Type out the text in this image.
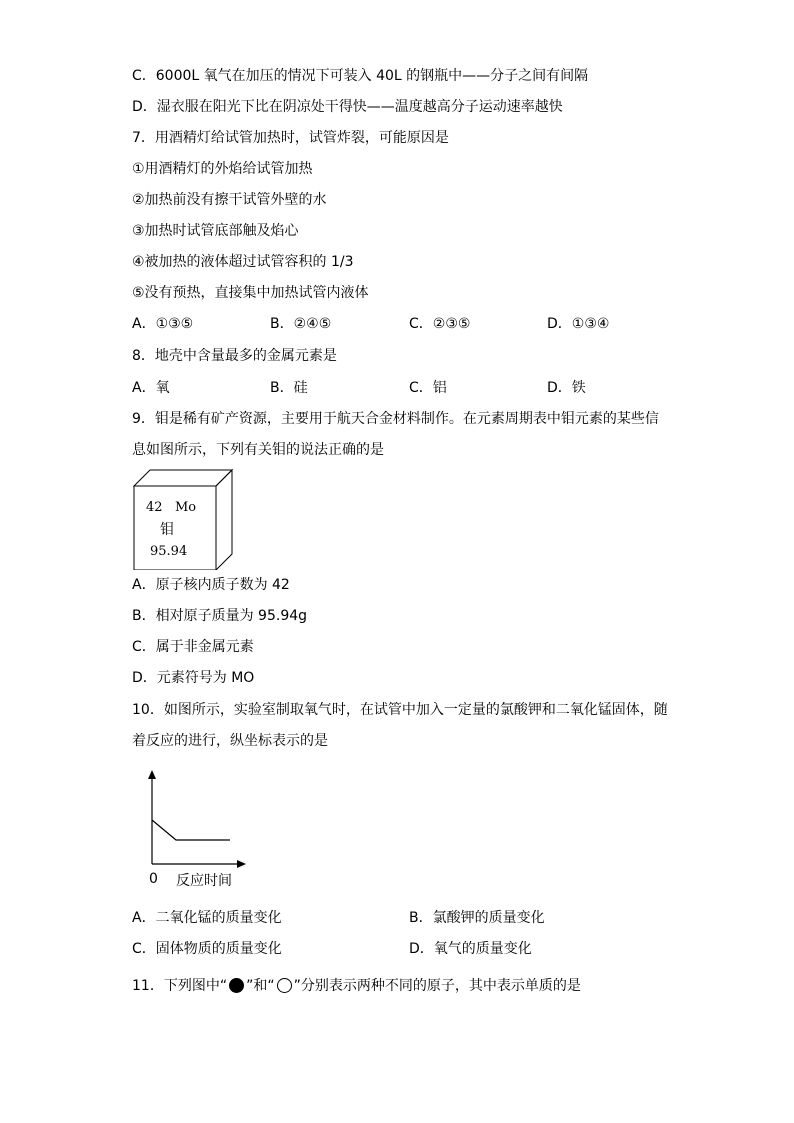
C．6000L 氧气在加压的情况下可装入 40L 的钢瓶中——分子之间有间隔
D．湿衣服在阳光下比在阴凉处干得快——温度越高分子运动速率越快
7．用酒精灯给试管加热时，试管炸裂，可能原因是
①用酒精灯的外焰给试管加热
②加热前没有擦干试管外壁的水
③加热时试管底部触及焰心
④被加热的液体超过试管容积的 1/3
⑤没有预热，直接集中加热试管内液体
A．①③⑤	B．②④⑤	C．②③⑤	D．①③④
8．地壳中含量最多的金属元素是
A．氧	B．硅	C．铝	D．铁
9．钼是稀有矿产资源，主要用于航天合金材料制作。在元素周期表中钼元素的某些信
息如图所示，下列有关钼的说法正确的是
42 Mo
钼
95.94
A．原子核内质子数为 42
B．相对原子质量为 95.94g
C．属于非金属元素
D．元素符号为 MO
10．如图所示，实验室制取氧气时，在试管中加入一定量的氯酸钾和二氧化锰固体，随
着反应的进行，纵坐标表示的是
0 反应时间
A．二氧化锰的质量变化	B．氯酸钾的质量变化
C．固体物质的质量变化	D．氧气的质量变化
11．下列图中“ ”和“ ”分别表示两种不同的原子，其中表示单质的是
